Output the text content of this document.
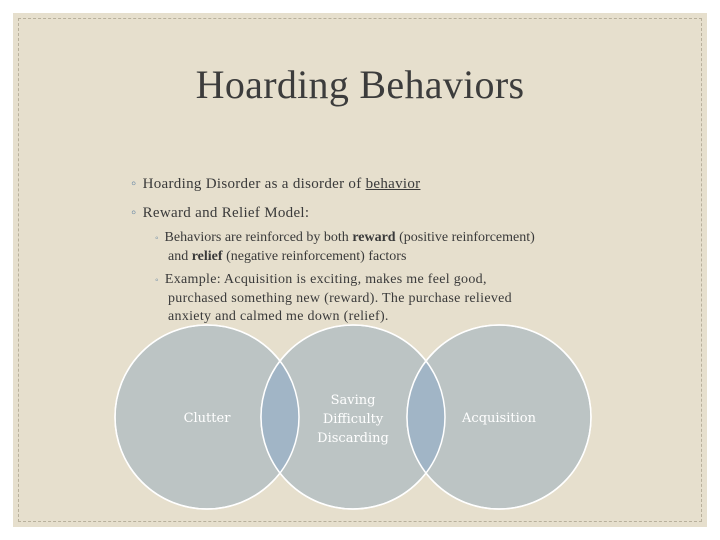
Hoarding Behaviors
◦ Hoarding Disorder as a disorder of behavior
◦ Reward and Relief Model:
◦ Behaviors are reinforced by both reward (positive reinforcement)
and relief (negative reinforcement) factors
◦ Example: Acquisition is exciting, makes me feel good,
purchased something new (reward). The purchase relieved
anxiety and calmed me down (relief).
Clutter
Saving
Difficulty
Discarding
Acquisition
